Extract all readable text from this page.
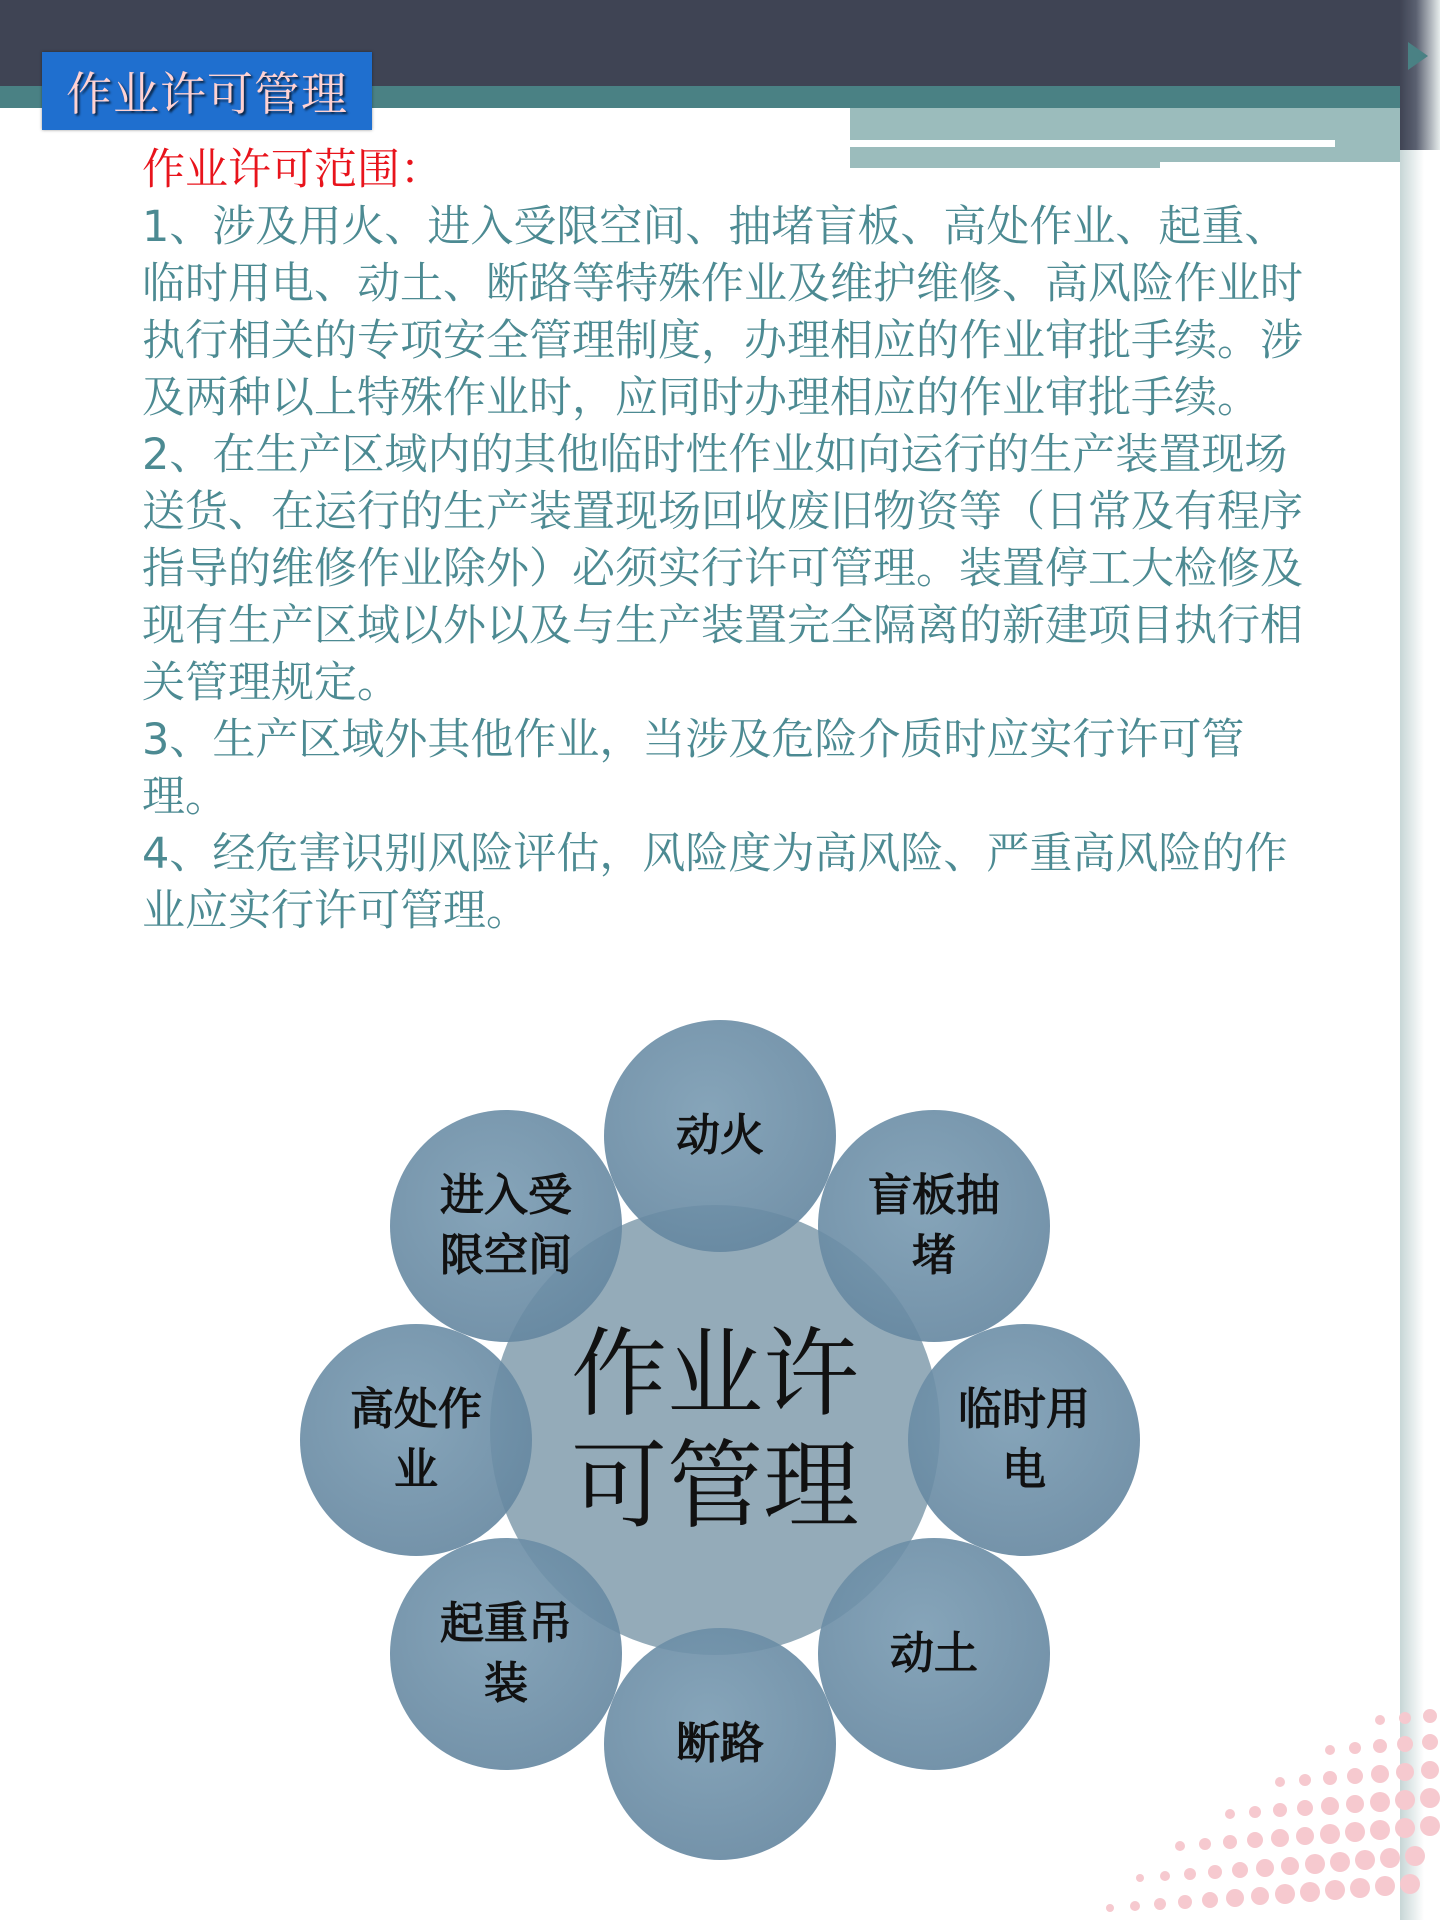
作业许可管理

作业许可范围：

1、涉及用火、进入受限空间、抽堵盲板、高处作业、起重、临时用电、动土、断路等特殊作业及维护维修、高风险作业时执行相关的专项安全管理制度，办理相应的作业审批手续。涉及两种以上特殊作业时，应同时办理相应的作业审批手续。

2、在生产区域内的其他临时性作业如向运行的生产装置现场送货、在运行的生产装置现场回收废旧物资等（日常及有程序指导的维修作业除外）必须实行许可管理。装置停工大检修及现有生产区域以外以及与生产装置完全隔离的新建项目执行相关管理规定。

3、生产区域外其他作业，当涉及危险介质时应实行许可管理。

4、经危害识别风险评估，风险度为高风险、严重高风险的作业应实行许可管理。

作业许可管理
动火
盲板抽堵
临时用电
动土
断路
起重吊装
高处作业
进入受限空间
